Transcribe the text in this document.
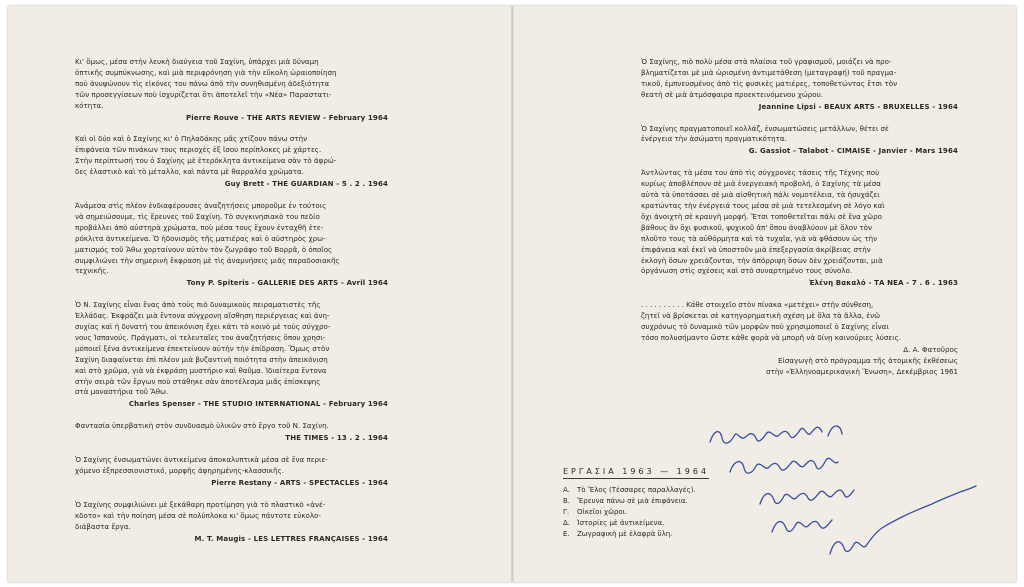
Κι' ὅμως, μέσα στὴν λευκὴ διαύγεια τοῦ Σαχίνη, ὑπάρχει μιὰ δύναμη

ὀπτικῆς συμπύκνωσης, καὶ μιὰ περιφρόνηση γιὰ τὴν εὔκολη ὡραιοποίηση

ποὺ ἀνυψώνουν τὶς εἰκόνες του πάνω ἀπὸ τὴν συνηθισμένη ἀδεξιότητα

τῶν προσεγγίσεων ποὺ ἰσχυρίζεται ὅτι ἀποτελεῖ τὴν «Νέα» Παραστατι-

κότητα.

Pierre Rouve - THE ARTS REVIEW - February 1964

Καὶ οἱ δύο καὶ ὁ Σαχίνης κι' ὁ Πηλαδάκης μᾶς χτίζουν πάνω στὴν

ἐπιφάνεια τῶν πινάκων τους περιοχὲς ἐξ ἴσου περίπλοκες μὲ χάρτες.

Στὴν περίπτωσή του ὁ Σαχίνης μὲ ἑτερόκλητα ἀντικείμενα σὰν τὸ ἀφρώ-

δες ἐλαστικὸ καὶ τὸ μέταλλο, καὶ πάντα μὲ θαρραλέα χρώματα.

Guy Brett - THE GUARDIAN - 5 . 2 . 1964

Ἀνάμεσα στὶς πλέον ἐνδιαφέρουσες ἀναζητήσεις μποροῦμε ἐν τούτοις

νὰ σημειώσουμε, τὶς ἔρευνες τοῦ Σαχίνη. Τὸ συγκινησιακὸ του πεδίο

προβάλλει ἀπὸ αὐστηρὰ χρώματα, ποὺ μέσα τους ἔχουν ἐνταχθῆ ἑτε-

ρόκλιτα ἀντικείμενα. Ὁ ἠδονισμὸς τῆς ματιέρας καὶ ὁ αὐστηρὸς χρω-

ματισμός τοῦ Ἄθω χορταίνουν αὐτὸν τὸν ζωγράφο τοῦ Βορρᾶ, ὁ ὁποῖος

συμφιλιώνει τὴν σημερινὴ ἔκφραση μὲ τὶς ἀναμνήσεις μιᾶς παραδοσιακῆς

τεχνικῆς.

Tony P. Spiteris - GALLERIE DES ARTS - Avril 1964

Ὁ Ν. Σαχίνης εἶναι ἕνας ἀπὸ τοὺς πιὸ δυναμικοὺς πειραματιστὲς τῆς

Ἑλλάδας. Ἐκφράζει μιὰ ἔντονα σύγχρονη αἴσθηση περιέργειας καὶ ἀνη-

συχίας καὶ ἡ δυνατή του ἀπεικόνιση ἔχει κάτι τὸ κοινὸ μὲ τοὺς σύγχρο-

νους Ἱσπανούς. Πράγματι, οἱ τελευταῖες του ἀναζητήσεις ὅπου χρησι-

μοποιεῖ ξένα ἀντικείμενα ἐπεκτείνουν αὐτὴν τὴν ἐπίδραση. Ὅμως στὸν

Σαχίνη διαφαίνεται ἐπὶ πλέον μιὰ βυζαντινὴ ποιότητα στὴν ἀπεικόνιση

καὶ στὸ χρῶμα, γιὰ νὰ ἐκφράσῃ μυστήριο καὶ θαῦμα. Ἰδιαίτερα ἔντονα

στὴν σειρὰ τῶν ἔργων ποὺ στάθηκε σὰν ἀποτέλεσμα μιᾶς ἐπίσκεψης

στὰ μοναστήρια τοῦ Ἄθω.

Charles Spenser - THE STUDIO INTERNATIONAL - February 1964

Φαντασία ὑπερβατικὴ στὸν συνδυασμὸ ὑλικῶν στὸ ἔργο τοῦ Ν. Σαχίνη.

THE TIMES - 13 . 2 . 1964

Ὁ Σαχίνης ἐνσωματώνει ἀντικείμενα ἀποκαλυπτικὰ μέσα σὲ ἕνα περιε-

χόμενο ἐξπρεσσιονιστικό, μορφῆς ἀφηρημένης-κλασσικῆς.

Pierre Restany - ARTS - SPECTACLES - 1964

Ὁ Σαχίνης συμφιλιώνει μὲ ξεκάθαρη προτίμηση γιὰ τὸ πλαστικὸ «ἀνέ-

κδοτο» καὶ τὴν ποίηση μέσα σὲ πολύπλοκα κι' ὅμως πάντοτε εὐκολο-

διάβαστα ἔργα.

M. T. Maugis - LES LETTRES FRANÇAISES - 1964

Ὁ Σαχίνης, πιὸ πολὺ μέσα στὰ πλαίσια τοῦ γραφισμοῦ, μοιάζει νὰ προ-

βληματίζεται μὲ μιὰ ὡρισμένη ἀντιμετάθεση (μεταγραφή) τοῦ πραγμα-

τικοῦ, ἐμπνευσμένος ἀπὸ τὶς φυσικὲς ματιέρες, τοποθετώντας ἔτσι τὸν

θεατὴ σὲ μιὰ ἀτμόσφαιρα προεκτεινόμενου χώρου.

Jeannine Lipsi - BEAUX ARTS - BRUXELLES - 1964

Ὁ Σαχίνης πραγματοποιεῖ κολλάζ, ἐνσωματώσεις μετάλλων, θέτει σὲ

ἐνέργεια τὴν ἀσώματη πραγματικότητα.

G. Gassiot - Talabot - CIMAISE - Janvier - Mars 1964

Ἀντλώντας τὰ μέσα του ἀπὸ τὶς σύγχρονες τάσεις τῆς Τέχνης ποὺ

κυρίως ἀποβλέπουν σὲ μιὰ ἐνεργειακὴ προβολή, ὁ Σαχίνης τὰ μέσα

αὐτὰ τὰ ὑποτάσσει σὲ μιὰ αἰσθητικὴ πάλι νομοτέλεια, τὰ ἡσυχάζει

κρατώντας τὴν ἐνέργειά τους μέσα σὲ μιὰ τετελεσμένη σὲ λόγο καὶ

ὄχι ἀνοιχτὴ σὲ κραυγὴ μορφή. Ἔτσι τοποθετεῖται πάλι σὲ ἕνα χῶρο

βάθους ἂν ὄχι φυσικοῦ, ψυχικοῦ ἀπ' ὅπου ἀναβλύουν μὲ ὅλον τὸν

πλοῦτο τους τὰ αὐθόρμητα καὶ τὰ τυχαῖα, γιὰ νὰ φθάσουν ὡς τὴν

ἐπιφάνεια καὶ ἐκεῖ νὰ ὑποστοῦν μιὰ ἐπεξεργασία ἀκρίβειας στὴν

ἐκλογὴ ὅσων χρειάζονται, τὴν ἀπόρριψη ὅσων δὲν χρειάζονται, μιὰ

ὀργάνωση στὶς σχέσεις καὶ στὸ συναρτημένο τους σύνολο.

Ἑλένη Βακαλό - ΤΑ ΝΕΑ - 7 . 6 . 1963

. . . . . . . . . . Κάθε στοιχεῖο στὸν πίνακα «μετέχει» στὴν σύνθεση,

ζητεῖ νὰ βρίσκεται σὲ κατηγορηματικὴ σχέση μὲ ὅλα τὰ ἄλλα, ἐνῶ

συχρόνως τὸ δυναμικὸ τῶν μορφῶν ποὺ χρησιμοποιεῖ ὁ Σαχίνης εἶναι

τόσο πολυσήμαντο ὥστε κάθε φορὰ νὰ μπορῆ νὰ δίνῃ καινούριες λύσεις.

Δ. Α. Φατοῦρος
Εἰσαγωγὴ στὸ πρόγραμμα τῆς ἀτομικῆς ἐκθέσεως
στὴν «Ἑλληνοαμερικανικὴ Ἕνωση», Δεκέμβριος 1961
ΕΡΓΑΣΙΑ 1963 — 1964
Α. Τὸ Ἕλος (Τέσσαρες παραλλαγές).
Β. Ἔρευνα πάνω σὲ μιὰ ἐπιφάνεια.
Γ.	Οἰκεῖοι χῶροι.
Δ. Ἱστορίες μὲ ἀντικείμενα.
Ε.	Ζωγραφικὴ μὲ ἐλαφρὰ ὕλη.
